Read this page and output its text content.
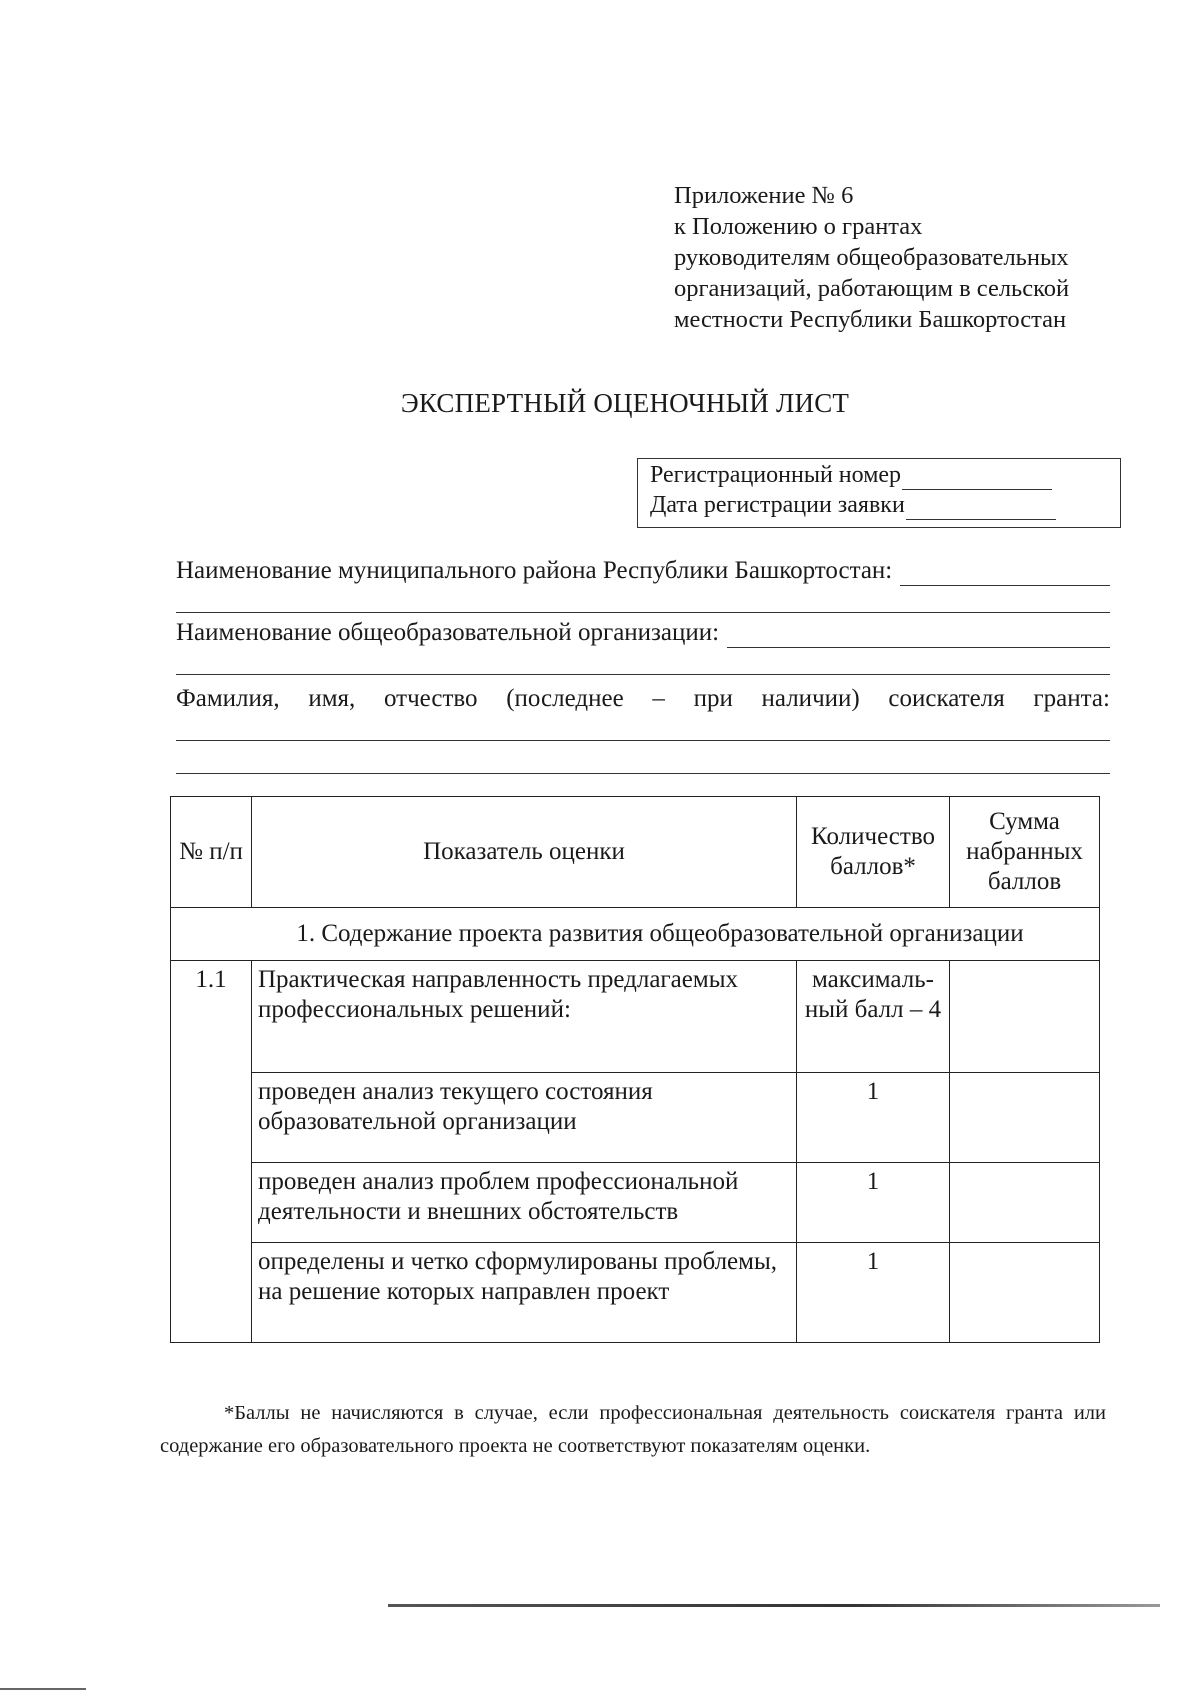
Приложение № 6
к Положению о грантах
руководителям общеобразовательных
организаций, работающим в сельской
местности Республики Башкортостан
ЭКСПЕРТНЫЙ ОЦЕНОЧНЫЙ ЛИСТ
Регистрационный номер
Дата регистрации заявки
Наименование муниципального района Республики Башкортостан:
Наименование общеобразовательной организации:
Фамилия, имя, отчество (последнее – при наличии) соискателя гранта:
№ п/п	Показатель оценки	Количество баллов*	Сумма набранных баллов
1. Содержание проекта развития общеобразовательной организации			
1.1	Практическая направленность предлагаемых профессиональных решений:	максималь-ный балл – 4	
	проведен анализ текущего состояния образовательной организации	1	
	проведен анализ проблем профессиональной деятельности и внешних обстоятельств	1	
	определены и четко сформулированы проблемы, на решение которых направлен проект	1	
*Баллы не начисляются в случае, если профессиональная деятельность соискателя гранта или содержание его образовательного проекта не соответствуют показателям оценки.
